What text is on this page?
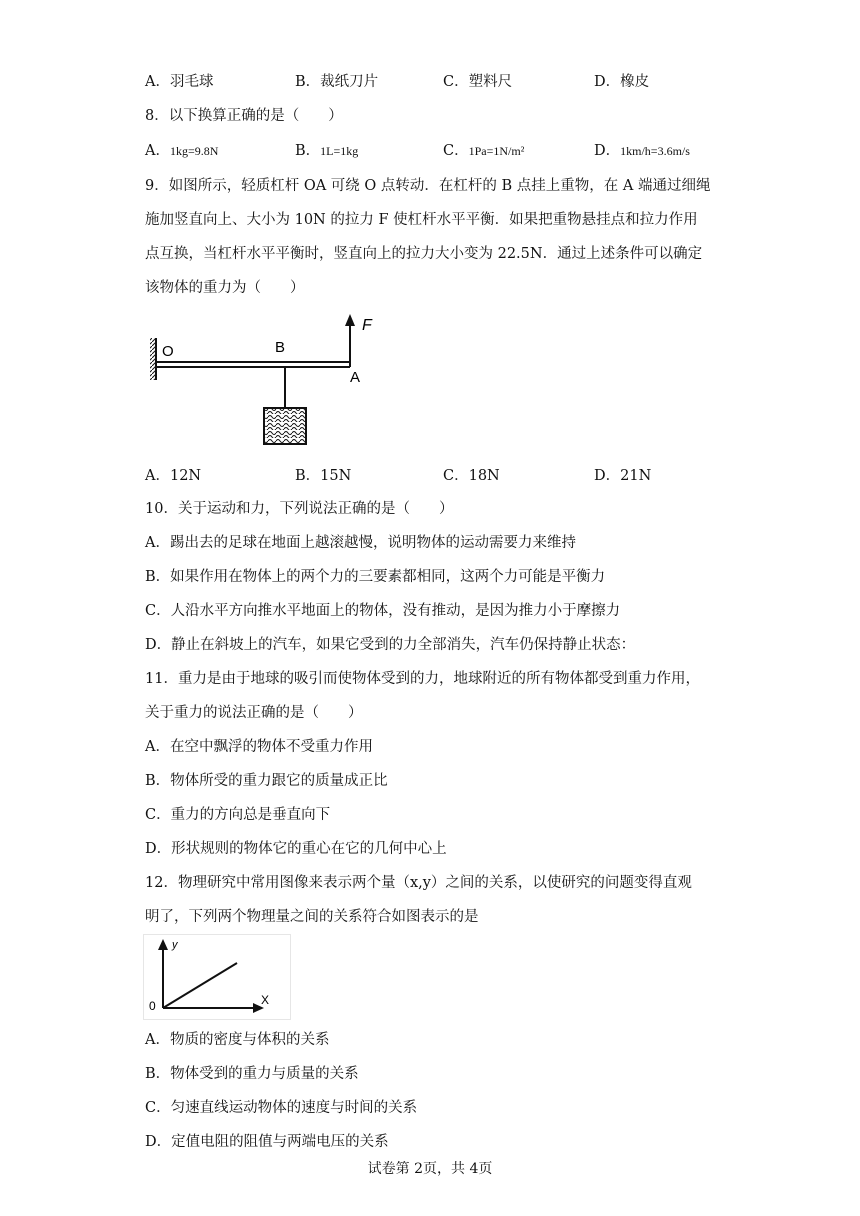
A．羽毛球	B．裁纸刀片	C．塑料尺	D．橡皮
8．以下换算正确的是（　　）
A．1kg=9.8N	B．1L=1kg	C．1Pa=1N/m²	D．1km/h=3.6m/s
9．如图所示，轻质杠杆 OA 可绕 O 点转动．在杠杆的 B 点挂上重物，在 A 端通过细绳
施加竖直向上、大小为 10N 的拉力 F 使杠杆水平平衡．如果把重物悬挂点和拉力作用
点互换，当杠杆水平平衡时，竖直向上的拉力大小变为 22.5N．通过上述条件可以确定
该物体的重力为（　　）
O	B
A
F
A．12N	B．15N	C．18N	D．21N
10．关于运动和力，下列说法正确的是（　　）
A．踢出去的足球在地面上越滚越慢，说明物体的运动需要力来维持
B．如果作用在物体上的两个力的三要素都相同，这两个力可能是平衡力
C．人沿水平方向推水平地面上的物体，没有推动，是因为推力小于摩擦力
D．静止在斜坡上的汽车，如果它受到的力全部消失，汽车仍保持静止状态：
11．重力是由于地球的吸引而使物体受到的力，地球附近的所有物体都受到重力作用，
关于重力的说法正确的是（　　）
A．在空中飘浮的物体不受重力作用
B．物体所受的重力跟它的质量成正比
C．重力的方向总是垂直向下
D．形状规则的物体它的重心在它的几何中心上
12．物理研究中常用图像来表示两个量（x,y）之间的关系，以使研究的问题变得直观
明了，下列两个物理量之间的关系符合如图表示的是
y
X
0
A．物质的密度与体积的关系
B．物体受到的重力与质量的关系
C．匀速直线运动物体的速度与时间的关系
D．定值电阻的阻值与两端电压的关系
试卷第 2页，共 4页
